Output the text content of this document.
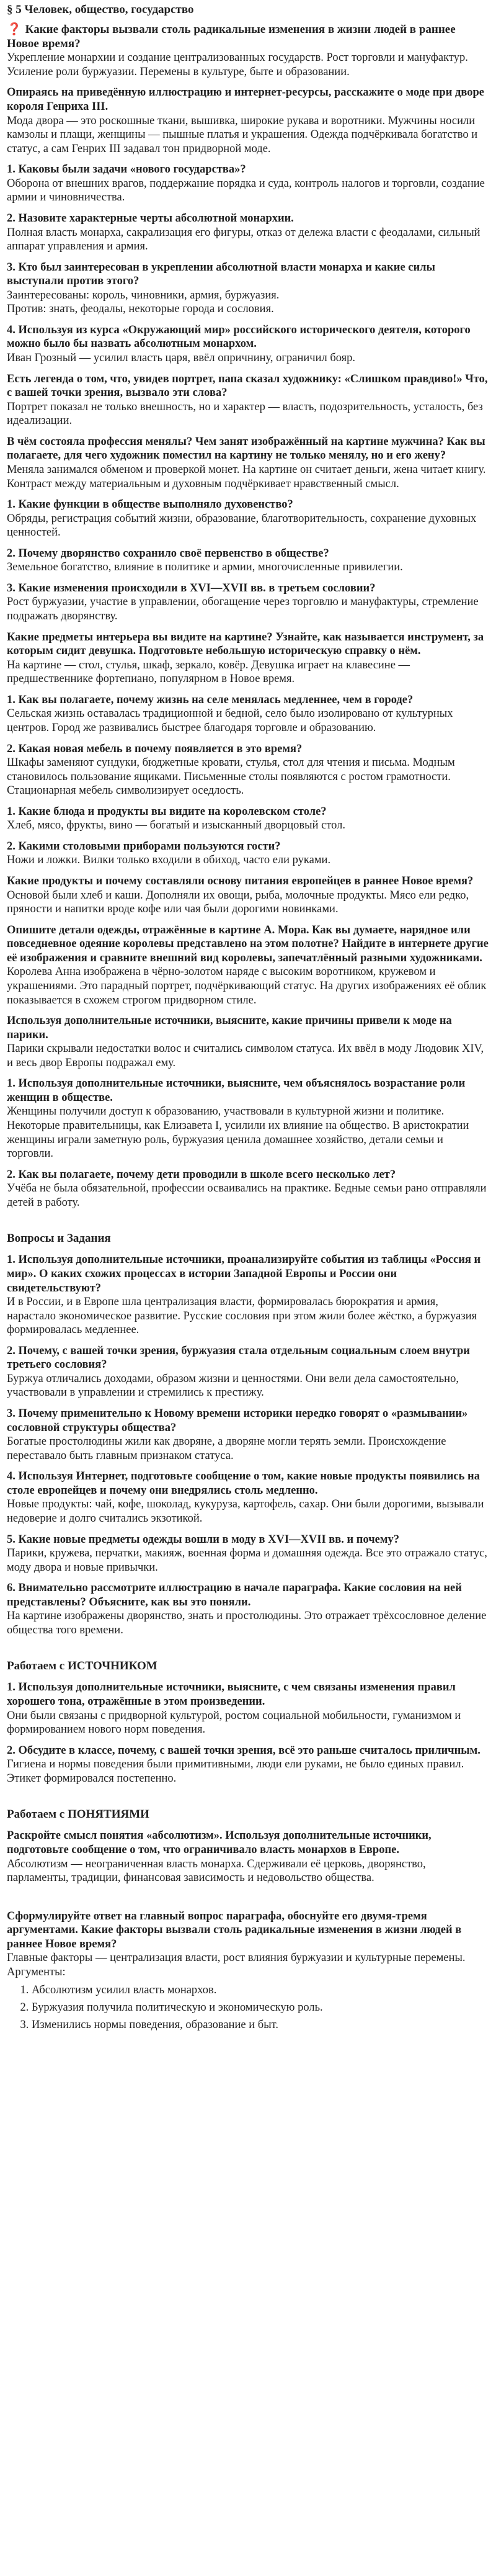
§ 5 Человек, общество, государство

❓ Какие факторы вызвали столь радикальные изменения в жизни людей в раннее Новое время?

Укрепление монархии и создание централизованных государств. Рост торговли и мануфактур. Усиление роли буржуазии. Перемены в культуре, быте и образовании.

Опираясь на приведённую иллюстрацию и интернет-ресурсы, расскажите о моде при дворе короля Генриха III.

Мода двора — это роскошные ткани, вышивка, широкие рукава и воротники. Мужчины носили камзолы и плащи, женщины — пышные платья и украшения. Одежда подчёркивала богатство и статус, а сам Генрих III задавал тон придворной моде.

1. Каковы были задачи «нового государства»?

Оборона от внешних врагов, поддержание порядка и суда, контроль налогов и торговли, создание армии и чиновничества.

2. Назовите характерные черты абсолютной монархии.

Полная власть монарха, сакрализация его фигуры, отказ от дележа власти с феодалами, сильный аппарат управления и армия.

3. Кто был заинтересован в укреплении абсолютной власти монарха и какие силы выступали против этого?

Заинтересованы: король, чиновники, армия, буржуазия.
Против: знать, феодалы, некоторые города и сословия.

4. Используя из курса «Окружающий мир» российского исторического деятеля, которого можно было бы назвать абсолютным монархом.

Иван Грозный — усилил власть царя, ввёл опричнину, ограничил бояр.

Есть легенда о том, что, увидев портрет, папа сказал художнику: «Слишком правдиво!» Что, с вашей точки зрения, вызвало эти слова?

Портрет показал не только внешность, но и характер — власть, подозрительность, усталость, без идеализации.

В чём состояла профессия менялы? Чем занят изображённый на картине мужчина? Как вы полагаете, для чего художник поместил на картину не только менялу, но и его жену?

Меняла занимался обменом и проверкой монет. На картине он считает деньги, жена читает книгу. Контраст между материальным и духовным подчёркивает нравственный смысл.

1. Какие функции в обществе выполняло духовенство?

Обряды, регистрация событий жизни, образование, благотворительность, сохранение духовных ценностей.

2. Почему дворянство сохранило своё первенство в обществе?

Земельное богатство, влияние в политике и армии, многочисленные привилегии.

3. Какие изменения происходили в XVI—XVII вв. в третьем сословии?

Рост буржуазии, участие в управлении, обогащение через торговлю и мануфактуры, стремление подражать дворянству.

Какие предметы интерьера вы видите на картине? Узнайте, как называется инструмент, за которым сидит девушка. Подготовьте небольшую историческую справку о нём.

На картине — стол, стулья, шкаф, зеркало, ковёр. Девушка играет на клавесине — предшественнике фортепиано, популярном в Новое время.

1. Как вы полагаете, почему жизнь на селе менялась медленнее, чем в городе?

Сельская жизнь оставалась традиционной и бедной, село было изолировано от культурных центров. Город же развивались быстрее благодаря торговле и образованию.

2. Какая новая мебель в почему появляется в это время?

Шкафы заменяют сундуки, бюджетные кровати, стулья, стол для чтения и письма. Модным становилось пользование ящиками. Письменные столы появляются с ростом грамотности. Стационарная мебель символизирует оседлость.

1. Какие блюда и продукты вы видите на королевском столе?

Хлеб, мясо, фрукты, вино — богатый и изысканный дворцовый стол.

2. Какими столовыми приборами пользуются гости?

Ножи и ложки. Вилки только входили в обиход, часто ели руками.

Какие продукты и почему составляли основу питания европейцев в раннее Новое время?

Основой были хлеб и каши. Дополняли их овощи, рыба, молочные продукты. Мясо ели редко, пряности и напитки вроде кофе или чая были дорогими новинками.

Опишите детали одежды, отражённые в картине А. Мора. Как вы думаете, нарядное или повседневное одеяние королевы представлено на этом полотне? Найдите в интернете другие её изображения и сравните внешний вид королевы, запечатлённый разными художниками.

Королева Анна изображена в чёрно-золотом наряде с высоким воротником, кружевом и украшениями. Это парадный портрет, подчёркивающий статус. На других изображениях её облик показывается в схожем строгом придворном стиле.

Используя дополнительные источники, выясните, какие причины привели к моде на парики.

Парики скрывали недостатки волос и считались символом статуса. Их ввёл в моду Людовик XIV, и весь двор Европы подражал ему.

1. Используя дополнительные источники, выясните, чем объяснялось возрастание роли женщин в обществе.

Женщины получили доступ к образованию, участвовали в культурной жизни и политике. Некоторые правительницы, как Елизавета I, усилили их влияние на общество. В аристократии женщины играли заметную роль, буржуазия ценила домашнее хозяйство, детали семьи и торговли.

2. Как вы полагаете, почему дети проводили в школе всего несколько лет?

Учёба не была обязательной, профессии осваивались на практике. Бедные семьи рано отправляли детей в работу.

Вопросы и Задания

1. Используя дополнительные источники, проанализируйте события из таблицы «Россия и мир». О каких схожих процессах в истории Западной Европы и России они свидетельствуют?

И в России, и в Европе шла централизация власти, формировалась бюрократия и армия, нарастало экономическое развитие. Русские сословия при этом жили более жёстко, а буржуазия формировалась медленнее.

2. Почему, с вашей точки зрения, буржуазия стала отдельным социальным слоем внутри третьего сословия?

Буржуа отличались доходами, образом жизни и ценностями. Они вели дела самостоятельно, участвовали в управлении и стремились к престижу.

3. Почему применительно к Новому времени историки нередко говорят о «размывании» сословной структуры общества?

Богатые простолюдины жили как дворяне, а дворяне могли терять земли. Происхождение переставало быть главным признаком статуса.

4. Используя Интернет, подготовьте сообщение о том, какие новые продукты появились на столе европейцев и почему они внедрялись столь медленно.

Новые продукты: чай, кофе, шоколад, кукуруза, картофель, сахар. Они были дорогими, вызывали недоверие и долго считались экзотикой.

5. Какие новые предметы одежды вошли в моду в XVI—XVII вв. и почему?

Парики, кружева, перчатки, макияж, военная форма и домашняя одежда. Все это отражало статус, моду двора и новые привычки.

6. Внимательно рассмотрите иллюстрацию в начале параграфа. Какие сословия на ней представлены? Объясните, как вы это поняли.

На картине изображены дворянство, знать и простолюдины. Это отражает трёхсословное деление общества того времени.

Работаем с ИСТОЧНИКОМ

1. Используя дополнительные источники, выясните, с чем связаны изменения правил хорошего тона, отражённые в этом произведении.

Они были связаны с придворной культурой, ростом социальной мобильности, гуманизмом и формированием нового норм поведения.

2. Обсудите в классе, почему, с вашей точки зрения, всё это раньше считалось приличным.

Гигиена и нормы поведения были примитивными, люди ели руками, не было единых правил. Этикет формировался постепенно.

Работаем с ПОНЯТИЯМИ

Раскройте смысл понятия «абсолютизм». Используя дополнительные источники, подготовьте сообщение о том, что ограничивало власть монархов в Европе.

Абсолютизм — неограниченная власть монарха. Сдерживали её церковь, дворянство, парламенты, традиции, финансовая зависимость и недовольство общества.

Сформулируйте ответ на главный вопрос параграфа, обоснуйте его двумя-тремя аргументами. Какие факторы вызвали столь радикальные изменения в жизни людей в раннее Новое время?

Главные факторы — централизация власти, рост влияния буржуазии и культурные перемены.

Аргументы:

1. Абсолютизм усилил власть монархов.
2. Буржуазия получила политическую и экономическую роль.
3. Изменились нормы поведения, образование и быт.
